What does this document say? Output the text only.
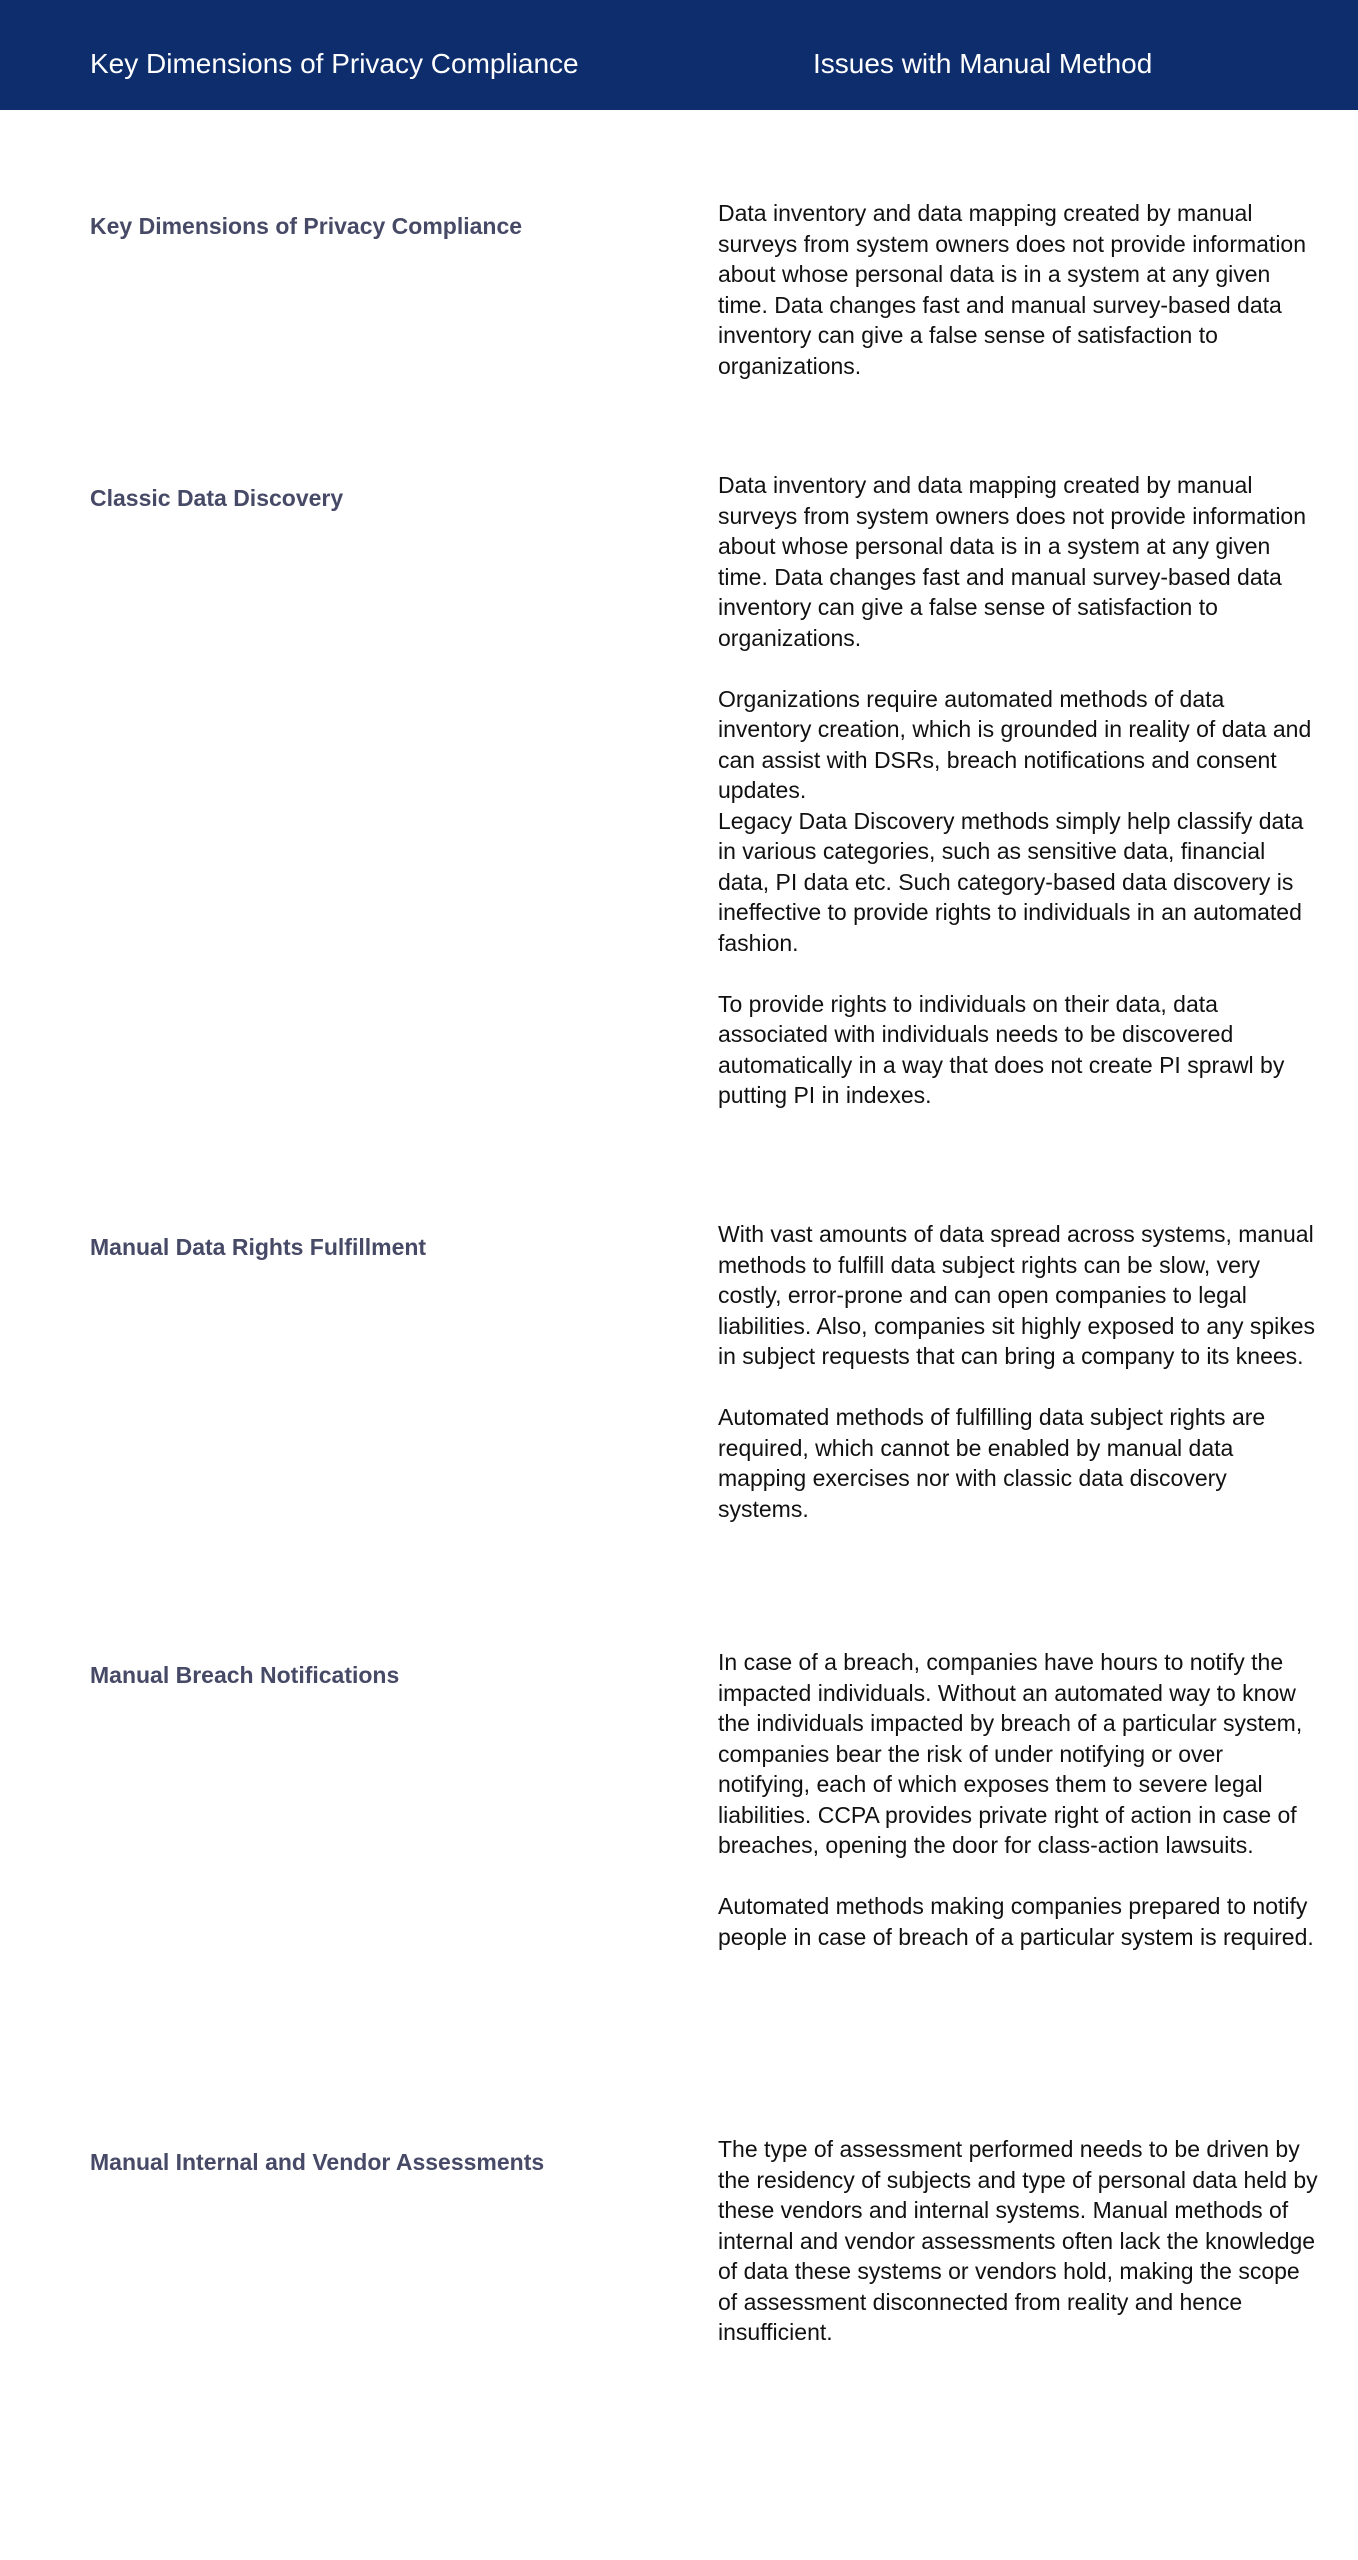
Key Dimensions of Privacy Compliance	Issues with Manual Method
Key Dimensions of Privacy Compliance	Data inventory and data mapping created by manual surveys from system owners does not provide information about whose personal data is in a system at any given time. Data changes fast and manual survey-based data inventory can give a false sense of satisfaction to organizations.

Classic Data Discovery	Data inventory and data mapping created by manual surveys from system owners does not provide information about whose personal data is in a system at any given time. Data changes fast and manual survey-based data inventory can give a false sense of satisfaction to organizations.

Organizations require automated methods of data inventory creation, which is grounded in reality of data and can assist with DSRs, breach notifications and consent updates.

Legacy Data Discovery methods simply help classify data in various categories, such as sensitive data, financial data, PI data etc. Such category-based data discovery is ineffective to provide rights to individuals in an automated fashion.

To provide rights to individuals on their data, data associated with individuals needs to be discovered automatically in a way that does not create PI sprawl by putting PI in indexes.

Manual Data Rights Fulfillment	With vast amounts of data spread across systems, manual methods to fulfill data subject rights can be slow, very costly, error-prone and can open companies to legal liabilities. Also, companies sit highly exposed to any spikes in subject requests that can bring a company to its knees.

Automated methods of fulfilling data subject rights are required, which cannot be enabled by manual data mapping exercises nor with classic data discovery systems.

Manual Breach Notifications	In case of a breach, companies have hours to notify the impacted individuals. Without an automated way to know the individuals impacted by breach of a particular system, companies bear the risk of under notifying or over notifying, each of which exposes them to severe legal liabilities. CCPA provides private right of action in case of breaches, opening the door for class-action lawsuits.

Automated methods making companies prepared to notify people in case of breach of a particular system is required.

Manual Internal and Vendor Assessments	The type of assessment performed needs to be driven by the residency of subjects and type of personal data held by these vendors and internal systems. Manual methods of internal and vendor assessments often lack the knowledge of data these systems or vendors hold, making the scope of assessment disconnected from reality and hence insufficient.
